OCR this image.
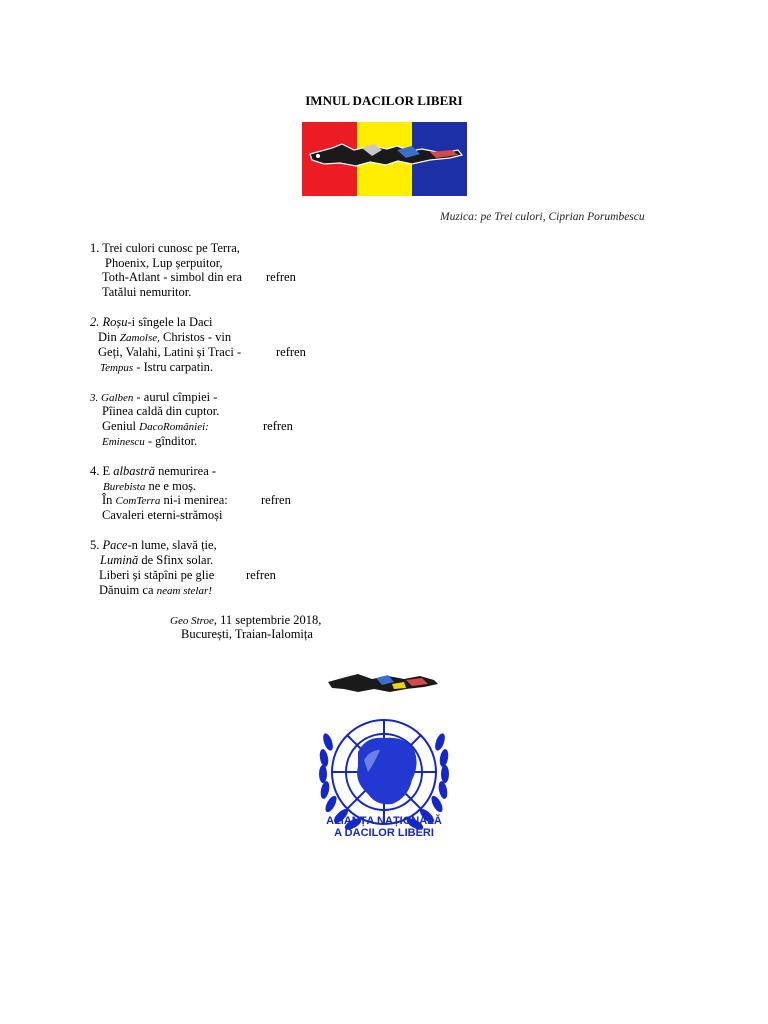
IMNUL DACILOR LIBERI
Muzica: pe Trei culori, Ciprian Porumbescu
1. Trei culori cunosc pe Terra,
Phoenix, Lup șerpuitor,
Toth-Atlant - simbol din era refren
Tatălui nemuritor.
2. Roșu-i sîngele la Daci
Din Zamolse, Christos - vin
Geți, Valahi, Latini și Traci -	refren
Tempus - Istru carpatin.
3. Galben - aurul cîmpiei -
Pîinea caldă din cuptor.
Geniul DacoRomâniei:	refren
Eminescu - gînditor.
4. E albastră nemurirea -
Burebista ne e moș.
În ComTerra ni-i menirea:	refren
Cavaleri eterni-strămoși
5. Pace-n lume, slavă ție,
Lumină de Sfinx solar.
Liberi și stăpîni pe glie	refren
Dănuim ca neam stelar!
Geo Stroe, 11 septembrie 2018,
București, Traian-Ialomița
ALIANȚA NAȚIONALĂ
A DACILOR LIBERI
